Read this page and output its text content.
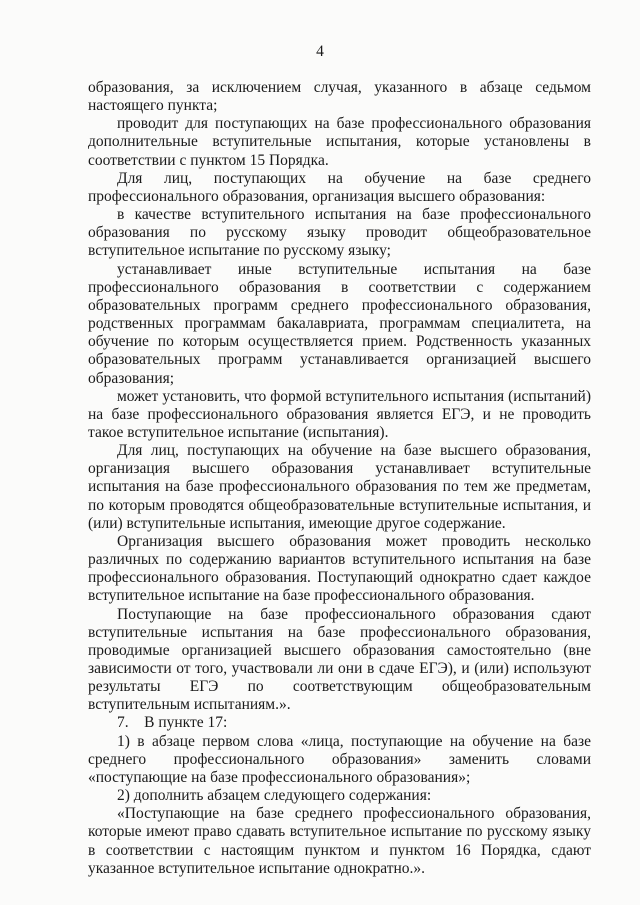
4

образования, за исключением случая, указанного в абзаце седьмом настоящего пункта;

проводит для поступающих на базе профессионального образования дополнительные вступительные испытания, которые установлены в соответствии с пунктом 15 Порядка.

Для лиц, поступающих на обучение на базе среднего профессионального образования, организация высшего образования:

в качестве вступительного испытания на базе профессионального образования по русскому языку проводит общеобразовательное вступительное испытание по русскому языку;

устанавливает иные вступительные испытания на базе профессионального образования в соответствии с содержанием образовательных программ среднего профессионального образования, родственных программам бакалавриата, программам специалитета, на обучение по которым осуществляется прием. Родственность указанных образовательных программ устанавливается организацией высшего образования;

может установить, что формой вступительного испытания (испытаний) на базе профессионального образования является ЕГЭ, и не проводить такое вступительное испытание (испытания).

Для лиц, поступающих на обучение на базе высшего образования, организация высшего образования устанавливает вступительные испытания на базе профессионального образования по тем же предметам, по которым проводятся общеобразовательные вступительные испытания, и (или) вступительные испытания, имеющие другое содержание.

Организация высшего образования может проводить несколько различных по содержанию вариантов вступительного испытания на базе профессионального образования. Поступающий однократно сдает каждое вступительное испытание на базе профессионального образования.

Поступающие на базе профессионального образования сдают вступительные испытания на базе профессионального образования, проводимые организацией высшего образования самостоятельно (вне зависимости от того, участвовали ли они в сдаче ЕГЭ), и (или) используют результаты ЕГЭ по соответствующим общеобразовательным вступительным испытаниям.».

7.    В пункте 17:

1) в абзаце первом слова «лица, поступающие на обучение на базе среднего профессионального образования» заменить словами «поступающие на базе профессионального образования»;

2) дополнить абзацем следующего содержания:

«Поступающие на базе среднего профессионального образования, которые имеют право сдавать вступительное испытание по русскому языку в соответствии с настоящим пунктом и пунктом 16 Порядка, сдают указанное вступительное испытание однократно.».
